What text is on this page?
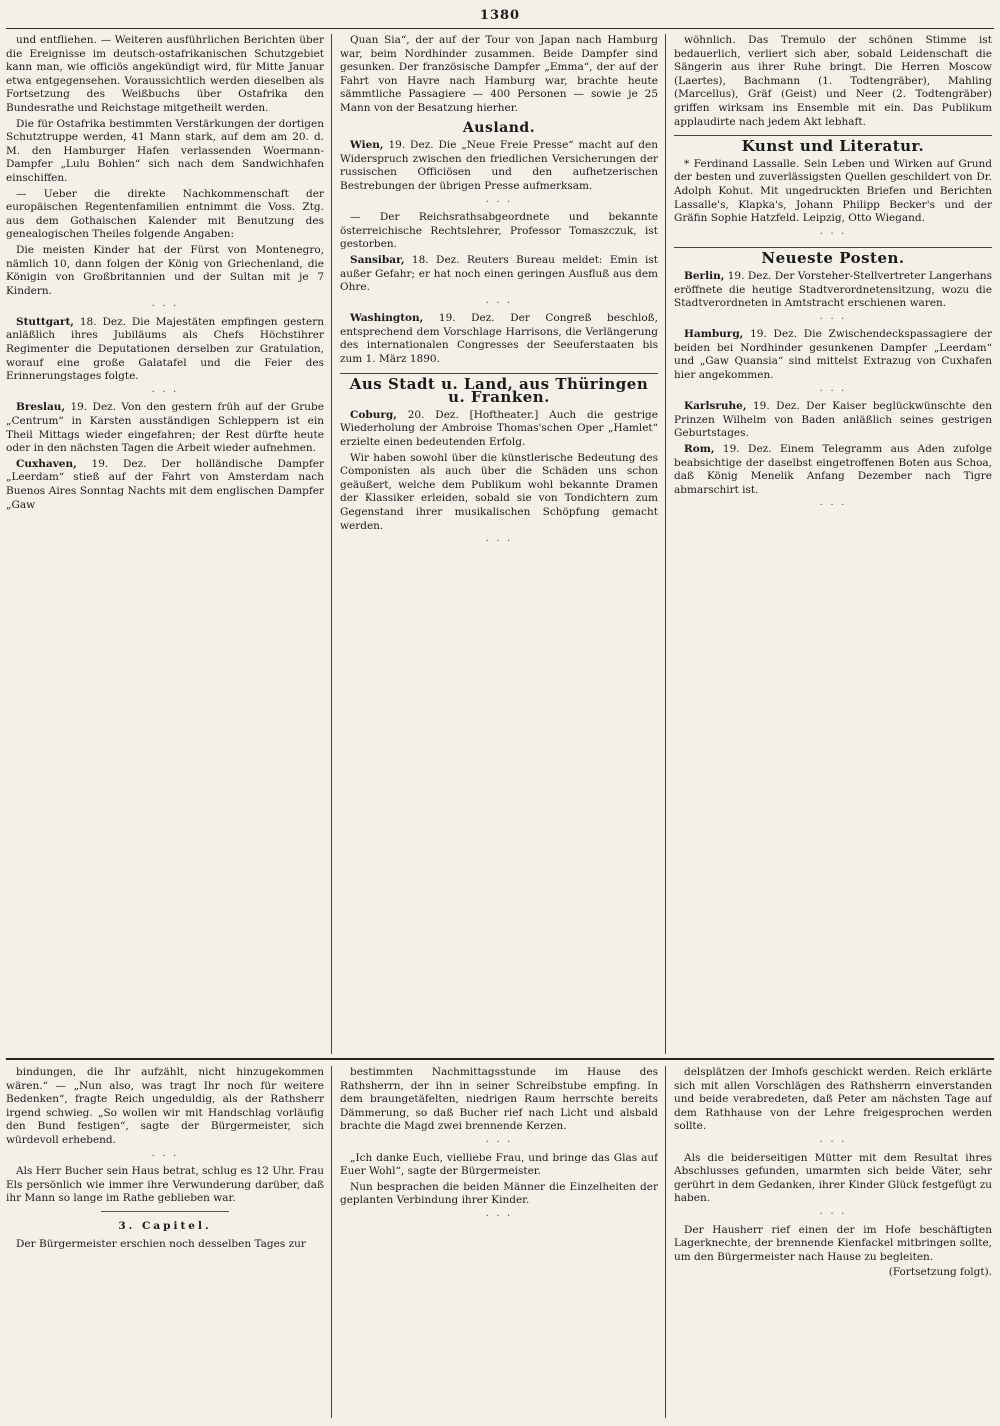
1380

und entfliehen. — Weiteren ausführlichen Berichten über die Ereignisse im deutsch-ostafrikanischen Schutzgebiet kann man, wie officiös angekündigt wird, für Mitte Januar etwa entgegensehen. Voraussichtlich werden dieselben als Fortsetzung des Weißbuchs über Ostafrika den Bundesrathe und Reichstage mitgetheilt werden.

Die für Ostafrika bestimmten Verstärkungen der dortigen Schutztruppe werden, 41 Mann stark, auf dem am 20. d. M. den Hamburger Hafen verlassenden Woermann-Dampfer „Lulu Bohlen“ sich nach dem Sandwichhafen einschiffen.

— Ueber die direkte Nachkommenschaft der europäischen Regentenfamilien entnimmt die Voss. Ztg. aus dem Gothaischen Kalender mit Benutzung des genealogischen Theiles folgende Angaben:

Die meisten Kinder hat der Fürst von Montenegro, nämlich 10, dann folgen der König von Griechenland, die Königin von Großbritannien und der Sultan mit je 7 Kindern.

· · ·

Stuttgart, 18. Dez. Die Majestäten empfingen gestern anläßlich ihres Jubiläums als Chefs Höchstihrer Regimenter die Deputationen derselben zur Gratulation, worauf eine große Galatafel und die Feier des Erinnerungstages folgte.

· · ·

Breslau, 19. Dez. Von den gestern früh auf der Grube „Centrum“ in Karsten ausständigen Schleppern ist ein Theil Mittags wieder eingefahren; der Rest dürfte heute oder in den nächsten Tagen die Arbeit wieder aufnehmen.

Cuxhaven, 19. Dez. Der holländische Dampfer „Leerdam“ stieß auf der Fahrt von Amsterdam nach Buenos Aires Sonntag Nachts mit dem englischen Dampfer „Gaw

Quan Sia“, der auf der Tour von Japan nach Hamburg war, beim Nordhinder zusammen. Beide Dampfer sind gesunken. Der französische Dampfer „Emma“, der auf der Fahrt von Havre nach Hamburg war, brachte heute sämmtliche Passagiere — 400 Personen — sowie je 25 Mann von der Besatzung hierher.

Ausland.

Wien, 19. Dez. Die „Neue Freie Presse“ macht auf den Widerspruch zwischen den friedlichen Versicherungen der russischen Officiösen und den aufhetzerischen Bestrebungen der übrigen Presse aufmerksam.

· · ·

— Der Reichsrathsabgeordnete und bekannte österreichische Rechtslehrer, Professor Tomaszczuk, ist gestorben.

Sansibar, 18. Dez. Reuters Bureau meldet: Emin ist außer Gefahr; er hat noch einen geringen Ausfluß aus dem Ohre.

· · ·

Washington, 19. Dez. Der Congreß beschloß, entsprechend dem Vorschlage Harrisons, die Verlängerung des internationalen Congresses der Seeuferstaaten bis zum 1. März 1890.

Aus Stadt u. Land, aus Thüringen u. Franken.

Coburg, 20. Dez. [Hoftheater.] Auch die gestrige Wiederholung der Ambroise Thomas'schen Oper „Hamlet“ erzielte einen bedeutenden Erfolg.

Wir haben sowohl über die künstlerische Bedeutung des Componisten als auch über die Schäden uns schon geäußert, welche dem Publikum wohl bekannte Dramen der Klassiker erleiden, sobald sie von Tondichtern zum Gegenstand ihrer musikalischen Schöpfung gemacht werden.

· · ·

wöhnlich. Das Tremulo der schönen Stimme ist bedauerlich, verliert sich aber, sobald Leidenschaft die Sängerin aus ihrer Ruhe bringt. Die Herren Moscow (Laertes), Bachmann (1. Todtengräber), Mahling (Marcellus), Gräf (Geist) und Neer (2. Todtengräber) griffen wirksam ins Ensemble mit ein. Das Publikum applaudirte nach jedem Akt lebhaft.

Kunst und Literatur.

* Ferdinand Lassalle. Sein Leben und Wirken auf Grund der besten und zuverlässigsten Quellen geschildert von Dr. Adolph Kohut. Mit ungedruckten Briefen und Berichten Lassalle's, Klapka's, Johann Philipp Becker's und der Gräfin Sophie Hatzfeld. Leipzig, Otto Wiegand.

· · ·

Neueste Posten.

Berlin, 19. Dez. Der Vorsteher-Stellvertreter Langerhans eröffnete die heutige Stadtverordnetensitzung, wozu die Stadtverordneten in Amtstracht erschienen waren.

· · ·

Hamburg, 19. Dez. Die Zwischendeckspassagiere der beiden bei Nordhinder gesunkenen Dampfer „Leerdam“ und „Gaw Quansia“ sind mittelst Extrazug von Cuxhafen hier angekommen.

· · ·

Karlsruhe, 19. Dez. Der Kaiser beglückwünschte den Prinzen Wilhelm von Baden anläßlich seines gestrigen Geburtstages.

Rom, 19. Dez. Einem Telegramm aus Aden zufolge beabsichtige der daselbst eingetroffenen Boten aus Schoa, daß König Menelik Anfang Dezember nach Tigre abmarschirt ist.

· · ·

bindungen, die Ihr aufzählt, nicht hinzugekommen wären.“ — „Nun also, was tragt Ihr noch für weitere Bedenken“, fragte Reich ungeduldig, als der Rathsherr irgend schwieg. „So wollen wir mit Handschlag vorläufig den Bund festigen“, sagte der Bürgermeister, sich würdevoll erhebend.

· · ·

Als Herr Bucher sein Haus betrat, schlug es 12 Uhr. Frau Els persönlich wie immer ihre Verwunderung darüber, daß ihr Mann so lange im Rathe geblieben war.

3. Capitel.

Der Bürgermeister erschien noch desselben Tages zur

bestimmten Nachmittagsstunde im Hause des Rathsherrn, der ihn in seiner Schreibstube empfing. In dem braungetäfelten, niedrigen Raum herrschte bereits Dämmerung, so daß Bucher rief nach Licht und alsbald brachte die Magd zwei brennende Kerzen.

· · ·

„Ich danke Euch, vielliebe Frau, und bringe das Glas auf Euer Wohl“, sagte der Bürgermeister.

Nun besprachen die beiden Männer die Einzelheiten der geplanten Verbindung ihrer Kinder.

· · ·

delsplätzen der Imhofs geschickt werden. Reich erklärte sich mit allen Vorschlägen des Rathsherrn einverstanden und beide verabredeten, daß Peter am nächsten Tage auf dem Rathhause von der Lehre freigesprochen werden sollte.

· · ·

Als die beiderseitigen Mütter mit dem Resultat ihres Abschlusses gefunden, umarmten sich beide Väter, sehr gerührt in dem Gedanken, ihrer Kinder Glück festgefügt zu haben.

· · ·

Der Hausherr rief einen der im Hofe beschäftigten Lagerknechte, der brennende Kienfackel mitbringen sollte, um den Bürgermeister nach Hause zu begleiten.

(Fortsetzung folgt).
